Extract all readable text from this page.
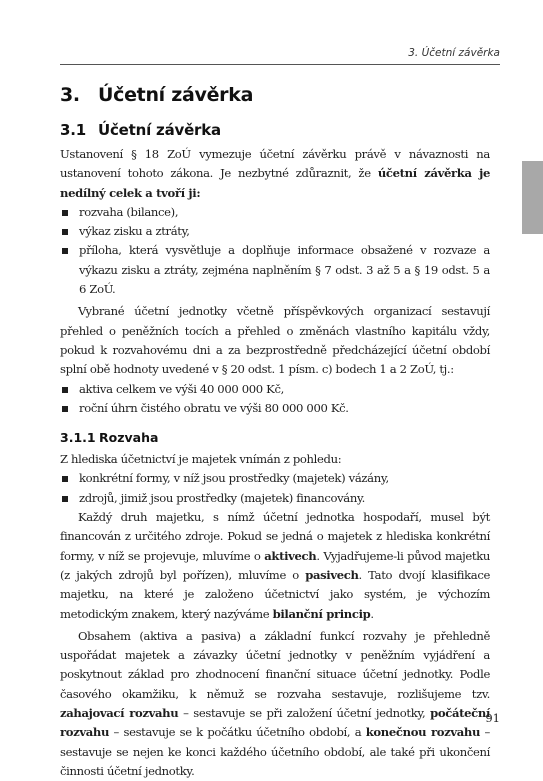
3. Účetní závěrka
3. Účetní závěrka
3.1 Účetní závěrka

Ustanovení § 18 ZoÚ vymezuje účetní závěrku právě v návaznosti na ustanovení tohoto zákona. Je nezbytné zdůraznit, že účetní závěrka je nedílný celek a tvoří ji:

rozvaha (bilance),
výkaz zisku a ztráty,
příloha, která vysvětluje a doplňuje informace obsažené v rozvaze a výkazu zisku a ztráty, zejména naplněním § 7 odst. 3 až 5 a § 19 odst. 5 a 6 ZoÚ.

Vybrané účetní jednotky včetně příspěvkových organizací sestavují přehled o peněžních tocích a přehled o změnách vlastního kapitálu vždy, pokud k rozvahovému dni a za bezprostředně předcházející účetní období splní obě hodnoty uvedené v § 20 odst. 1 písm. c) bodech 1 a 2 ZoÚ, tj.:

aktiva celkem ve výši 40 000 000 Kč,
roční úhrn čistého obratu ve výši 80 000 000 Kč.
3.1.1 Rozvaha

Z hlediska účetnictví je majetek vnímán z pohledu:

konkrétní formy, v níž jsou prostředky (majetek) vázány,
zdrojů, jimiž jsou prostředky (majetek) financovány.

Každý druh majetku, s nímž účetní jednotka hospodaří, musel být financován z určitého zdroje. Pokud se jedná o majetek z hlediska konkrétní formy, v níž se projevuje, mluvíme o aktivech. Vyjadřujeme-li původ majetku (z jakých zdrojů byl pořízen), mluvíme o pasivech. Tato dvojí klasifikace majetku, na které je založeno účetnictví jako systém, je výchozím metodickým znakem, který nazýváme bilanční princip.

Obsahem (aktiva a pasiva) a základní funkcí rozvahy je přehledně uspořádat majetek a závazky účetní jednotky v peněžním vyjádření a poskytnout základ pro zhodnocení finanční situace účetní jednotky. Podle časového okamžiku, k němuž se rozvaha sestavuje, rozlišujeme tzv. zahajovací rozvahu – sestavuje se při založení účetní jednotky, počáteční rozvahu – sestavuje se k počátku účetního období, a konečnou rozvahu – sestavuje se nejen ke konci každého účetního období, ale také při ukončení činnosti účetní jednotky.

91
